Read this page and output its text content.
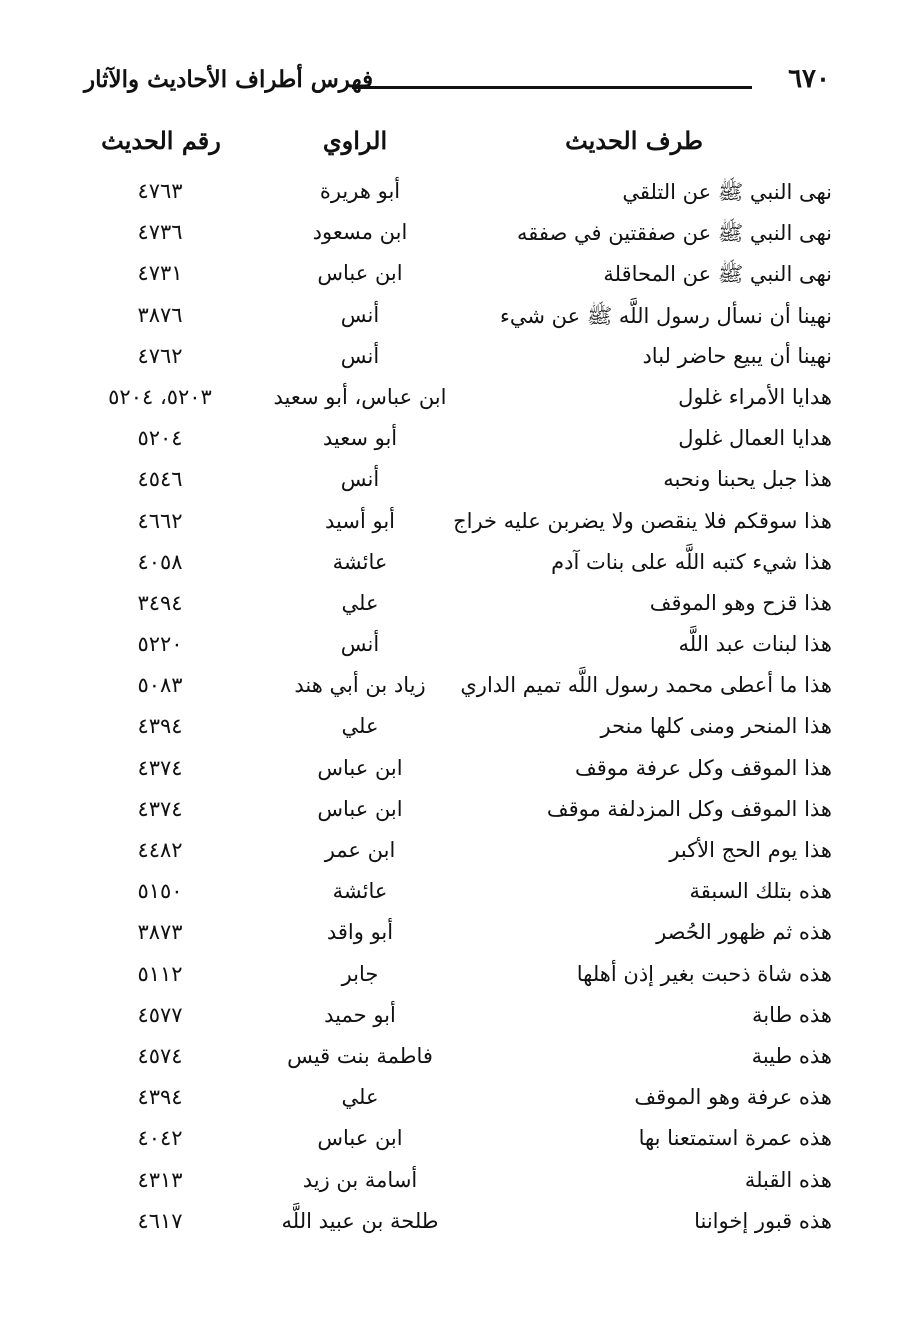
٦٧٠
فهرس أطراف الأحاديث والآثار
طرف الحديث
الراوي
رقم الحديث
نهى النبي ﷺ عن التلقي
أبو هريرة
٤٧٦٣
نهى النبي ﷺ عن صفقتين في صفقه
ابن مسعود
٤٧٣٦
نهى النبي ﷺ عن المحاقلة
ابن عباس
٤٧٣١
نهينا أن نسأل رسول اللَّه ﷺ عن شيء
أنس
٣٨٧٦
نهينا أن يبيع حاضر لباد
أنس
٤٧٦٢
هدايا الأمراء غلول
ابن عباس، أبو سعيد
٥٢٠٣، ٥٢٠٤
هدايا العمال غلول
أبو سعيد
٥٢٠٤
هذا جبل يحبنا ونحبه
أنس
٤٥٤٦
هذا سوقكم فلا ينقصن ولا يضربن عليه خراج
أبو أسيد
٤٦٦٢
هذا شيء كتبه اللَّه على بنات آدم
عائشة
٤٠٥٨
هذا قزح وهو الموقف
علي
٣٤٩٤
هذا لبنات عبد اللَّه
أنس
٥٢٢٠
هذا ما أعطى محمد رسول اللَّه تميم الداري
زياد بن أبي هند
٥٠٨٣
هذا المنحر ومنى كلها منحر
علي
٤٣٩٤
هذا الموقف وكل عرفة موقف
ابن عباس
٤٣٧٤
هذا الموقف وكل المزدلفة موقف
ابن عباس
٤٣٧٤
هذا يوم الحج الأكبر
ابن عمر
٤٤٨٢
هذه بتلك السبقة
عائشة
٥١٥٠
هذه ثم ظهور الحُصر
أبو واقد
٣٨٧٣
هذه شاة ذحبت بغير إذن أهلها
جابر
٥١١٢
هذه طابة
أبو حميد
٤٥٧٧
هذه طيبة
فاطمة بنت قيس
٤٥٧٤
هذه عرفة وهو الموقف
علي
٤٣٩٤
هذه عمرة استمتعنا بها
ابن عباس
٤٠٤٢
هذه القبلة
أسامة بن زيد
٤٣١٣
هذه قبور إخواننا
طلحة بن عبيد اللَّه
٤٦١٧
